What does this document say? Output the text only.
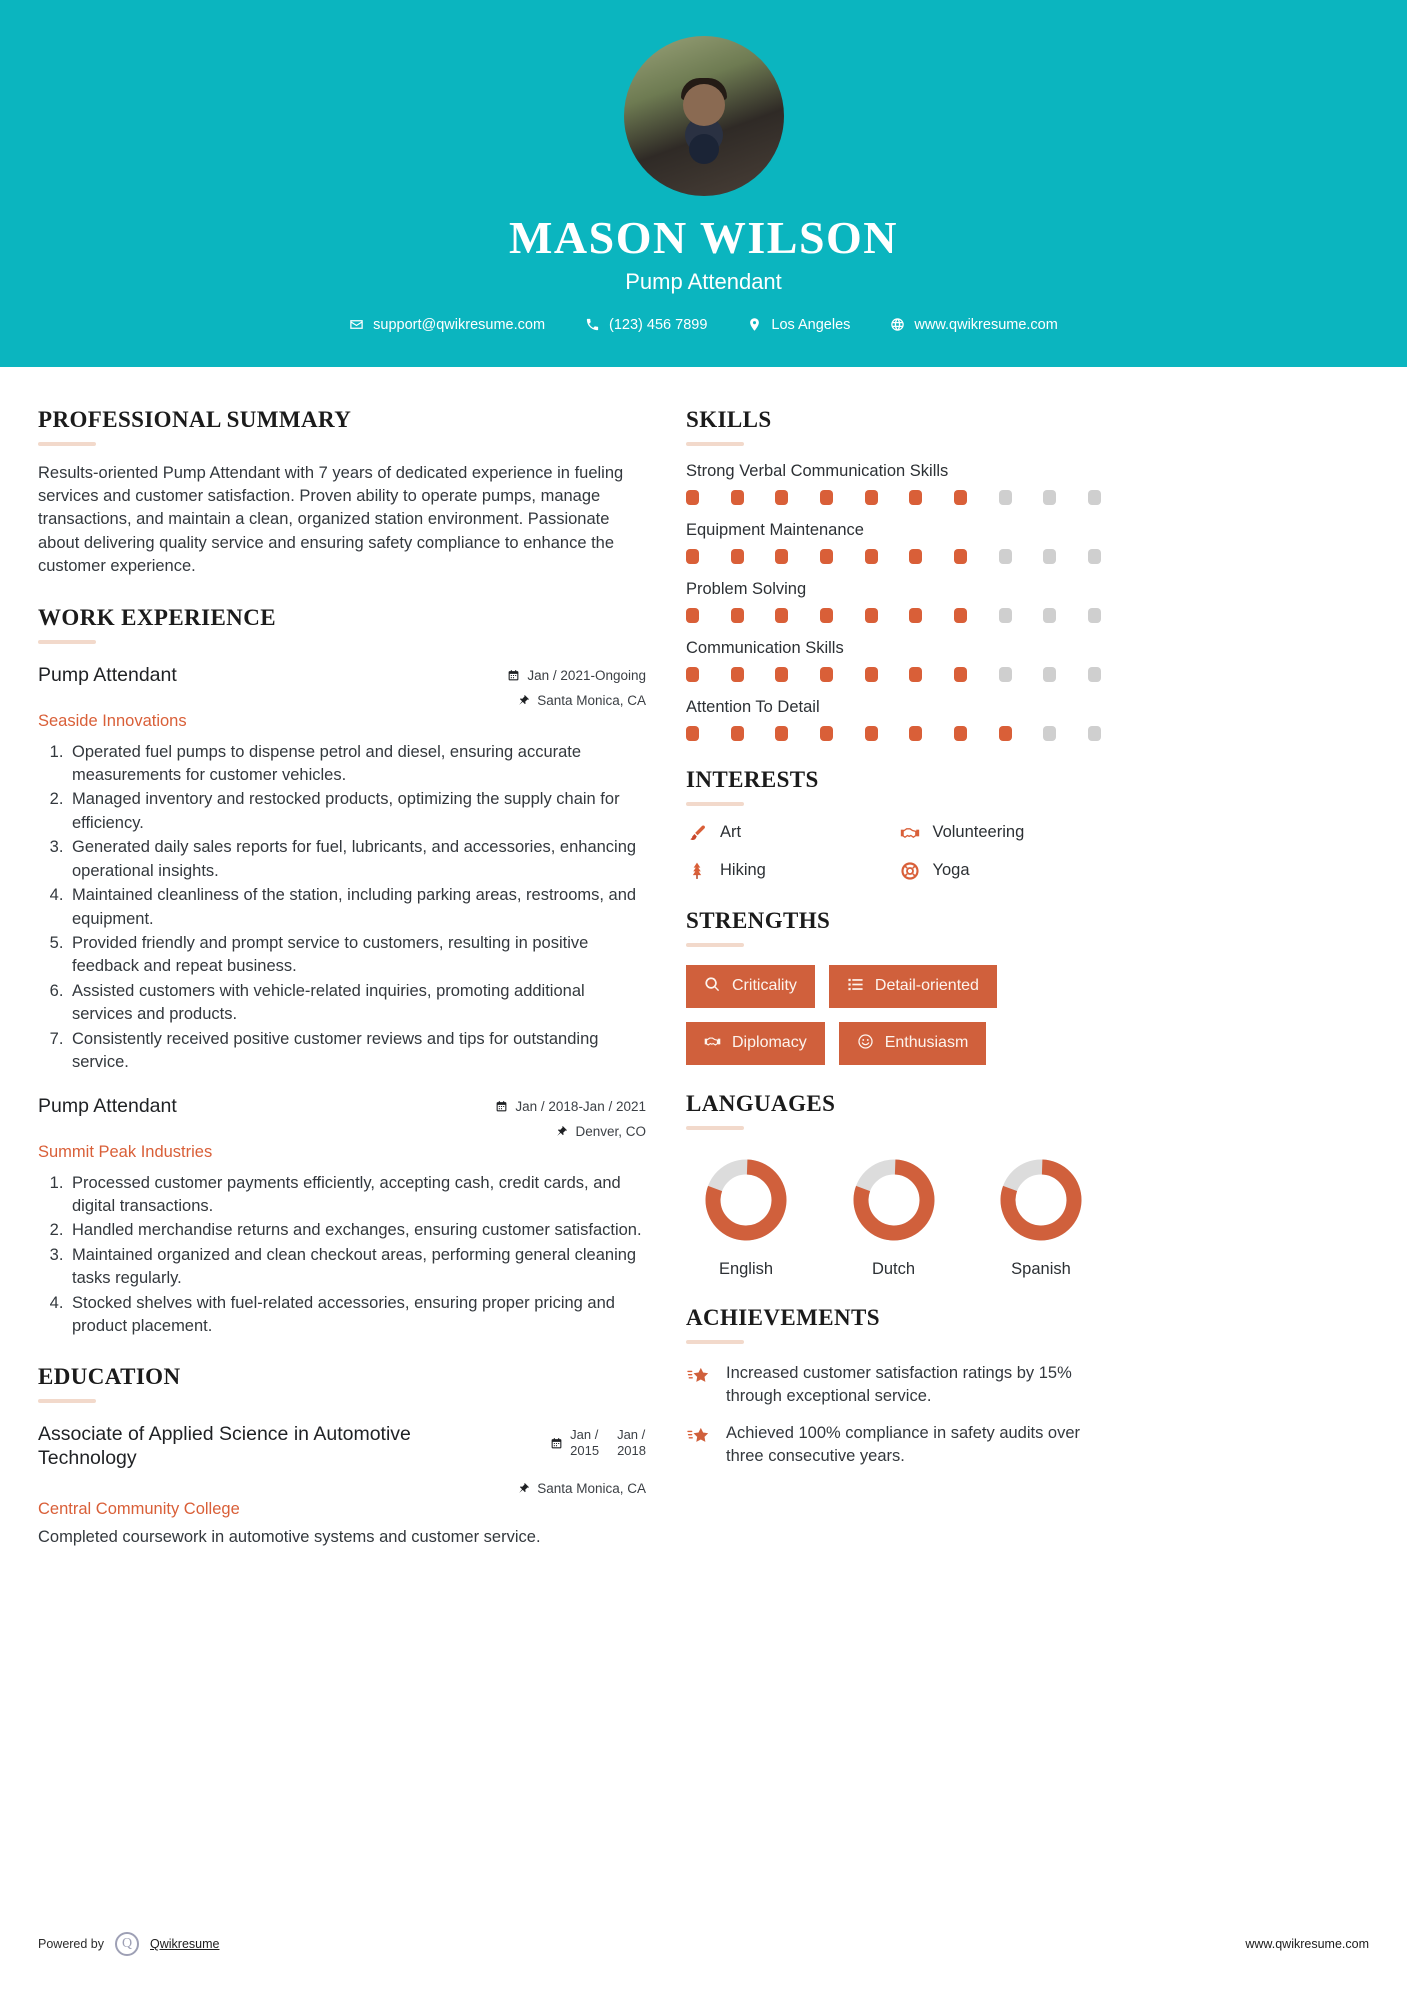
MASON WILSON
Pump Attendant
support@qwikresume.com	(123) 456 7899	Los Angeles	www.qwikresume.com
PROFESSIONAL SUMMARY

Results-oriented Pump Attendant with 7 years of dedicated experience in fueling services and customer satisfaction. Proven ability to operate pumps, manage transactions, and maintain a clean, organized station environment. Passionate about delivering quality service and ensuring safety compliance to enhance the customer experience.

WORK EXPERIENCE
Pump Attendant	Jan / 2021-Ongoing
Santa Monica, CA
Seaside Innovations
1. Operated fuel pumps to dispense petrol and diesel, ensuring accurate measurements for customer vehicles.
2. Managed inventory and restocked products, optimizing the supply chain for efficiency.
3. Generated daily sales reports for fuel, lubricants, and accessories, enhancing operational insights.
4. Maintained cleanliness of the station, including parking areas, restrooms, and equipment.
5. Provided friendly and prompt service to customers, resulting in positive feedback and repeat business.
6. Assisted customers with vehicle-related inquiries, promoting additional services and products.
7. Consistently received positive customer reviews and tips for outstanding service.
Pump Attendant	Jan / 2018-Jan / 2021
Denver, CO
Summit Peak Industries
1. Processed customer payments efficiently, accepting cash, credit cards, and digital transactions.
2. Handled merchandise returns and exchanges, ensuring customer satisfaction.
3. Maintained organized and clean checkout areas, performing general cleaning tasks regularly.
4. Stocked shelves with fuel-related accessories, ensuring proper pricing and product placement.
EDUCATION
Associate of Applied Science in Automotive Technology
Jan /
2015
Jan /
2018
Santa Monica, CA
Central Community College
Completed coursework in automotive systems and customer service.
SKILLS
Strong Verbal Communication Skills
Equipment Maintenance
Problem Solving
Communication Skills
Attention To Detail
INTERESTS
Art	Volunteering
Hiking	Yoga
STRENGTHS
Criticality	Detail-oriented
Diplomacy	Enthusiasm
LANGUAGES
English	Dutch	Spanish
ACHIEVEMENTS
Increased customer satisfaction ratings by 15% through exceptional service.
Achieved 100% compliance in safety audits over three consecutive years.
Powered by	Q	Qwikresume	www.qwikresume.com
